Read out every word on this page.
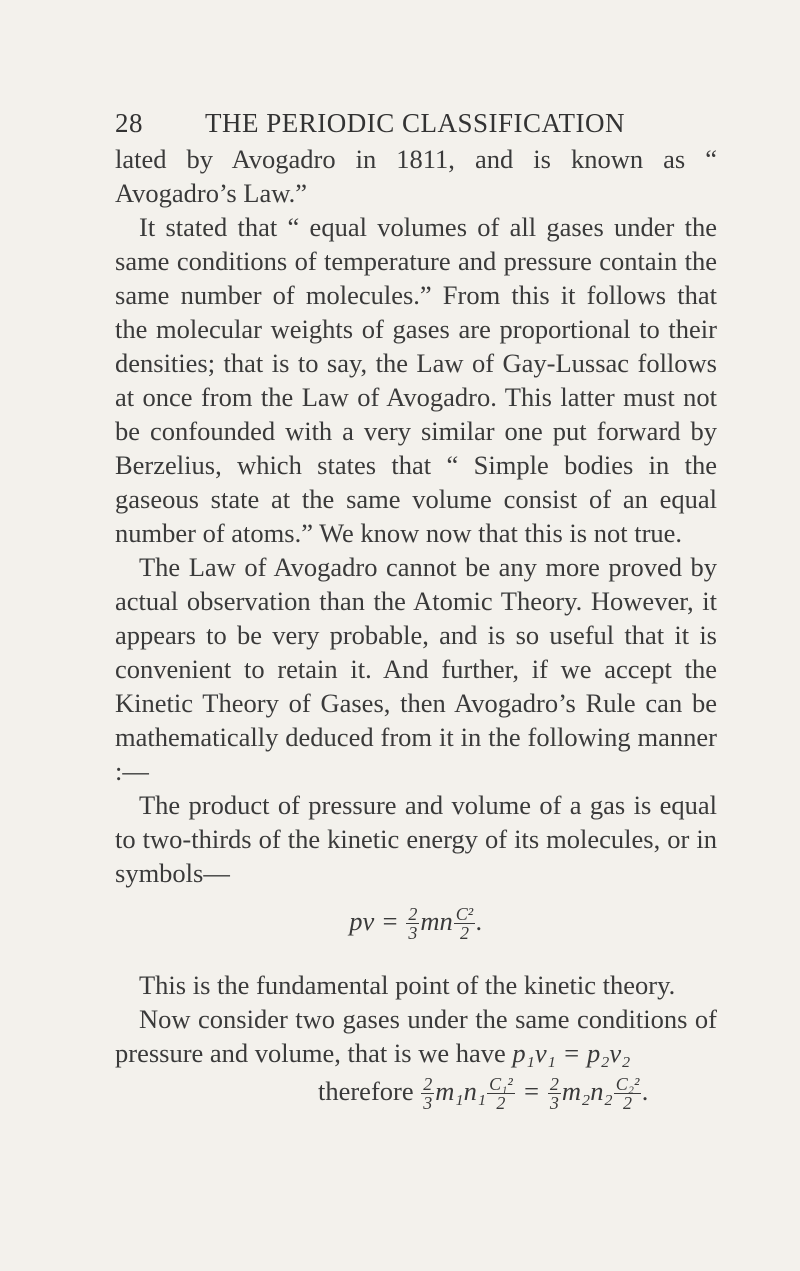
28 THE PERIODIC CLASSIFICATION

lated by Avogadro in 1811, and is known as “ Avogadro’s Law.”

It stated that “ equal volumes of all gases under the same conditions of temperature and pressure contain the same number of molecules.” From this it follows that the molecular weights of gases are proportional to their densities; that is to say, the Law of Gay-Lussac follows at once from the Law of Avogadro. This latter must not be confounded with a very similar one put forward by Berzelius, which states that “ Simple bodies in the gaseous state at the same volume consist of an equal number of atoms.” We know now that this is not true.

The Law of Avogadro cannot be any more proved by actual observation than the Atomic Theory. However, it appears to be very probable, and is so useful that it is convenient to retain it. And further, if we accept the Kinetic Theory of Gases, then Avogadro’s Rule can be mathematically deduced from it in the following manner :—

The product of pressure and volume of a gas is equal to two-thirds of the kinetic energy of its molecules, or in symbols—

pv = $\frac{2}{3}$ mn $\frac{\text{C²}}{2}$ .

This is the fundamental point of the kinetic theory.

Now consider two gases under the same conditions of pressure and volume, that is we have p₁v₁ = p₂v₂

therefore $\frac{2}{3} m_1n_1 \frac{\text{C₁²}}{2} = \frac{2}{3} m_2n_2 \frac{\text{C₂²}}{2}$ .
